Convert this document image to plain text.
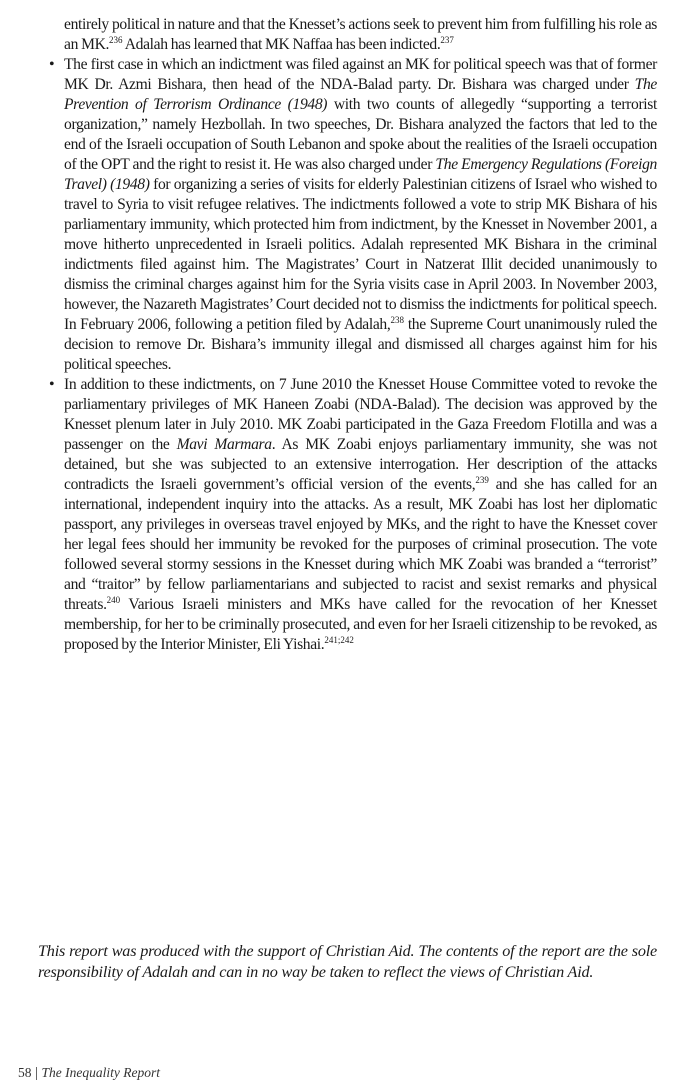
entirely political in nature and that the Knesset’s actions seek to prevent him from fulfilling his role as an MK.$^{236}$ Adalah has learned that MK Naffaa has been indicted.$^{237}$

• The first case in which an indictment was filed against an MK for political speech was that of former MK Dr. Azmi Bishara, then head of the NDA-Balad party. Dr. Bishara was charged under The Prevention of Terrorism Ordinance (1948) with two counts of allegedly “supporting a terrorist organization,” namely Hezbollah. In two speeches, Dr. Bishara analyzed the factors that led to the end of the Israeli occupation of South Lebanon and spoke about the realities of the Israeli occupation of the OPT and the right to resist it. He was also charged under The Emergency Regulations (Foreign Travel) (1948) for organizing a series of visits for elderly Palestinian citizens of Israel who wished to travel to Syria to visit refugee relatives. The indictments followed a vote to strip MK Bishara of his parliamentary immunity, which protected him from indictment, by the Knesset in November 2001, a move hitherto unprecedented in Israeli politics. Adalah represented MK Bishara in the criminal indictments filed against him. The Magistrates’ Court in Natzerat Illit decided unanimously to dismiss the criminal charges against him for the Syria visits case in April 2003. In November 2003, however, the Nazareth Magistrates’ Court decided not to dismiss the indictments for political speech. In February 2006, following a petition filed by Adalah,$^{238}$ the Supreme Court unanimously ruled the decision to remove Dr. Bishara’s immunity illegal and dismissed all charges against him for his political speeches.

• In addition to these indictments, on 7 June 2010 the Knesset House Committee voted to revoke the parliamentary privileges of MK Haneen Zoabi (NDA-Balad). The decision was approved by the Knesset plenum later in July 2010. MK Zoabi participated in the Gaza Freedom Flotilla and was a passenger on the Mavi Marmara. As MK Zoabi enjoys parliamentary immunity, she was not detained, but she was subjected to an extensive interrogation. Her description of the attacks contradicts the Israeli government’s official version of the events,$^{239}$ and she has called for an international, independent inquiry into the attacks. As a result, MK Zoabi has lost her diplomatic passport, any privileges in overseas travel enjoyed by MKs, and the right to have the Knesset cover her legal fees should her immunity be revoked for the purposes of criminal prosecution. The vote followed several stormy sessions in the Knesset during which MK Zoabi was branded a “terrorist” and “traitor” by fellow parliamentarians and subjected to racist and sexist remarks and physical threats.$^{240}$ Various Israeli ministers and MKs have called for the revocation of her Knesset membership, for her to be criminally prosecuted, and even for her Israeli citizenship to be revoked, as proposed by the Interior Minister, Eli Yishai.$^{241;242}$

This report was produced with the support of Christian Aid. The contents of the report are the sole responsibility of Adalah and can in no way be taken to reflect the views of Christian Aid.

58 The Inequality Report
